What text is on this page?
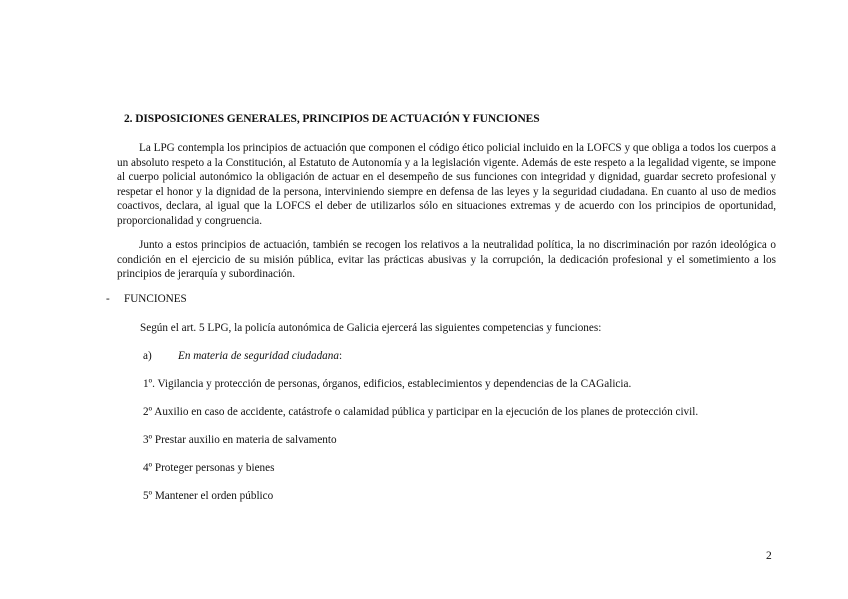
2. DISPOSICIONES GENERALES, PRINCIPIOS DE ACTUACIÓN Y FUNCIONES
La LPG contempla los principios de actuación que componen el código ético policial incluido en la LOFCS y que obliga a todos los cuerpos a un absoluto respeto a la Constitución, al Estatuto de Autonomía y a la legislación vigente. Además de este respeto a la legalidad vigente, se impone al cuerpo policial autonómico la obligación de actuar en el desempeño de sus funciones con integridad y dignidad, guardar secreto profesional y respetar el honor y la dignidad de la persona, interviniendo siempre en defensa de las leyes y la seguridad ciudadana. En cuanto al uso de medios coactivos, declara, al igual que la LOFCS el deber de utilizarlos sólo en situaciones extremas y de acuerdo con los principios de oportunidad, proporcionalidad y congruencia.
Junto a estos principios de actuación, también se recogen los relativos a la neutralidad política, la no discriminación por razón ideológica o condición en el ejercicio de su misión pública, evitar las prácticas abusivas y la corrupción, la dedicación profesional y el sometimiento a los principios de jerarquía y subordinación.
- FUNCIONES
Según el art. 5 LPG, la policía autonómica de Galicia ejercerá las siguientes competencias y funciones:
a) En materia de seguridad ciudadana:
1º. Vigilancia y protección de personas, órganos, edificios, establecimientos y dependencias de la CAGalicia.
2º Auxilio en caso de accidente, catástrofe o calamidad pública y participar en la ejecución de los planes de protección civil.
3º Prestar auxilio en materia de salvamento
4º Proteger personas y bienes
5º Mantener el orden público
2
